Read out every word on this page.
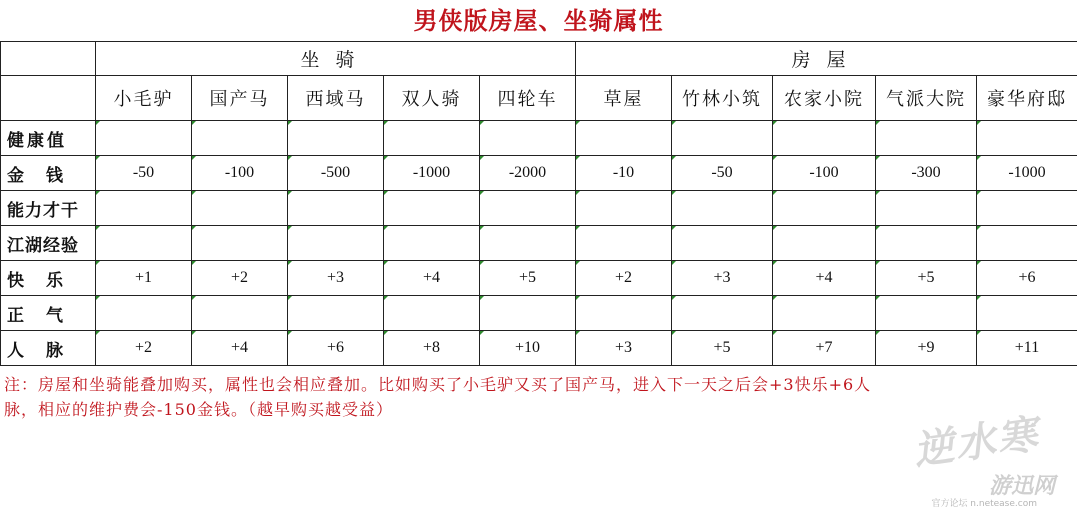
男侠版房屋、坐骑属性
	坐骑					房屋				
	小毛驴	国产马	西域马	双人骑	四轮车	草屋	竹林小筑	农家小院	气派大院	豪华府邸
健康值										
金钱	-50	-100	-500	-1000	-2000	-10	-50	-100	-300	-1000
能力才干										
江湖经验										
快乐	+1	+2	+3	+4	+5	+2	+3	+4	+5	+6
正气										
人脉	+2	+4	+6	+8	+10	+3	+5	+7	+9	+11
注：房屋和坐骑能叠加购买，属性也会相应叠加。比如购买了小毛驴又买了国产马，进入下一天之后会+3快乐+6人
脉，相应的维护费会-150金钱。（越早购买越受益）
逆水寒
游迅网
官方论坛 n.netease.com
